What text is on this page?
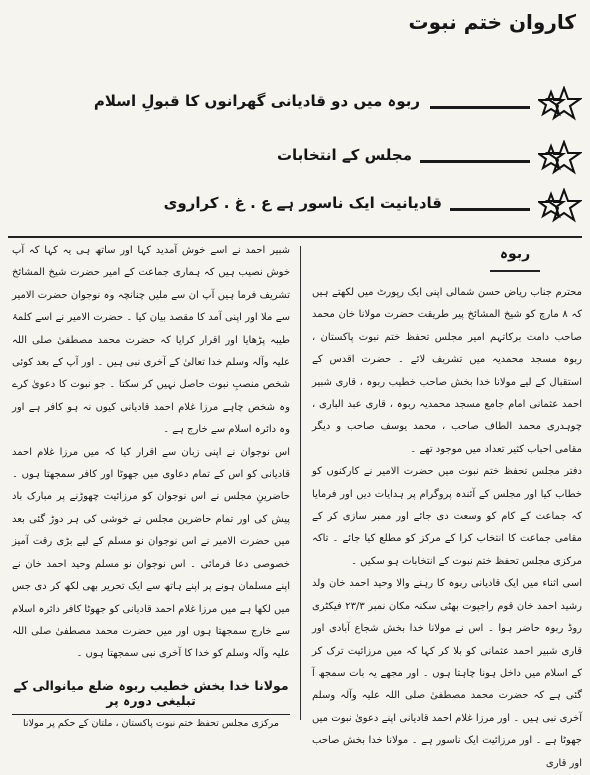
کاروان ختم نبوت
ربوہ میں دو قادیانی گھرانوں کا قبولِ اسلام
مجلس کے انتخابات
قادیانیت ایک ناسور ہے ع . غ . کراروی
ربوہ

شبیر احمد نے اسے خوش آمدید کہا اور ساتھ ہی یہ کہا کہ آپ خوش نصیب ہیں کہ ہماری جماعت کے امیر حضرت شیخ المشائخ تشریف فرما ہیں آپ ان سے ملیں چنانچہ وہ نوجوان حضرت الامیر سے ملا اور اپنی آمد کا مقصد بیان کیا ۔ حضرت الامیر نے اسے کلمۂ طیبہ پڑھایا اور اقرار کرایا کہ حضرت محمد مصطفیٰ صلی اللہ علیہ وآلہ وسلم خدا تعالیٰ کے آخری نبی ہیں ۔ اور آپ کے بعد کوئی شخص منصبِ نبوت حاصل نہیں کر سکتا ۔ جو نبوت کا دعویٰ کرے وہ شخص چاہے مرزا غلام احمد قادیانی کیوں نہ ہو کافر ہے اور وہ دائرہ اسلام سے خارج ہے ۔

اس نوجوان نے اپنی زبان سے اقرار کیا کہ میں مرزا غلام احمد قادیانی کو اس کے تمام دعاوی میں جھوٹا اور کافر سمجھتا ہوں ۔ حاضرینِ مجلس نے اس نوجوان کو مرزائیت چھوڑنے پر مبارک باد پیش کی اور تمام حاضرین مجلس نے خوشی کی ہر دوڑ گئی بعد میں حضرت الامیر نے اس نوجوان نو مسلم کے لیے بڑی رقت آمیز خصوصی دعا فرمائی ۔ اس نوجوان نو مسلم وحید احمد خان نے اپنے مسلمان ہونے پر اپنے ہاتھ سے ایک تحریر بھی لکھ کر دی جس میں لکھا ہے میں مرزا غلام احمد قادیانی کو جھوٹا کافر دائرہ اسلام سے خارج سمجھتا ہوں اور میں حضرت محمد مصطفیٰ صلی اللہ علیہ وآلہ وسلم کو خدا کا آخری نبی سمجھتا ہوں ۔

محترم جناب ریاض حسن شمالی اپنی ایک رپورٹ میں لکھتے ہیں کہ ۸ مارچ کو شیخ المشائخ پیر طریقت حضرت مولانا خان محمد صاحب دامت برکاتہم امیر مجلس تحفظ ختم نبوت پاکستان ، ربوہ مسجد محمدیہ میں تشریف لائے ۔ حضرت اقدس کے استقبال کے لیے مولانا خدا بخش صاحب خطیب ربوہ ، قاری شبیر احمد عثمانی امام جامع مسجد محمدیہ ربوہ ، قاری عبد الباری ، چوہدری محمد الطاف صاحب ، محمد یوسف صاحب و دیگر مقامی احباب کثیر تعداد میں موجود تھے ۔

دفتر مجلس تحفظ ختم نبوت میں حضرت الامیر نے کارکنوں کو خطاب کیا اور مجلس کے آئندہ پروگرام پر ہدایات دیں اور فرمایا کہ جماعت کے کام کو وسعت دی جائے اور ممبر سازی کر کے مقامی جماعت کا انتخاب کرا کے مرکز کو مطلع کیا جائے ۔ تاکہ مرکزی مجلس تحفظ ختم نبوت کے انتخابات ہو سکیں ۔

اسی اثناء میں ایک قادیانی ربوہ کا رہنے والا وحید احمد خان ولد رشید احمد خان قوم راجپوت بھٹی سکنہ مکان نمبر ۲۳/۳ فیکٹری روڈ ربوہ حاضر ہوا ۔ اس نے مولانا خدا بخش شجاع آبادی اور قاری شبیر احمد عثمانی کو بلا کر کہا کہ میں مرزائیت ترک کر کے اسلام میں داخل ہونا چاہتا ہوں ۔ اور مجھے یہ بات سمجھ آ گئی ہے کہ حضرت محمد مصطفیٰ صلی اللہ علیہ وآلہ وسلم آخری نبی ہیں ۔ اور مرزا غلام احمد قادیانی اپنے دعویٰ نبوت میں جھوٹا ہے ۔ اور مرزائیت ایک ناسور ہے ۔ مولانا خدا بخش صاحب اور قاری

مولانا خدا بخش خطیب ربوہ ضلع میانوالی کے تبلیغی دورہ پر
مرکزی مجلس تحفظ ختم نبوت پاکستان ، ملتان کے حکم پر مولانا
